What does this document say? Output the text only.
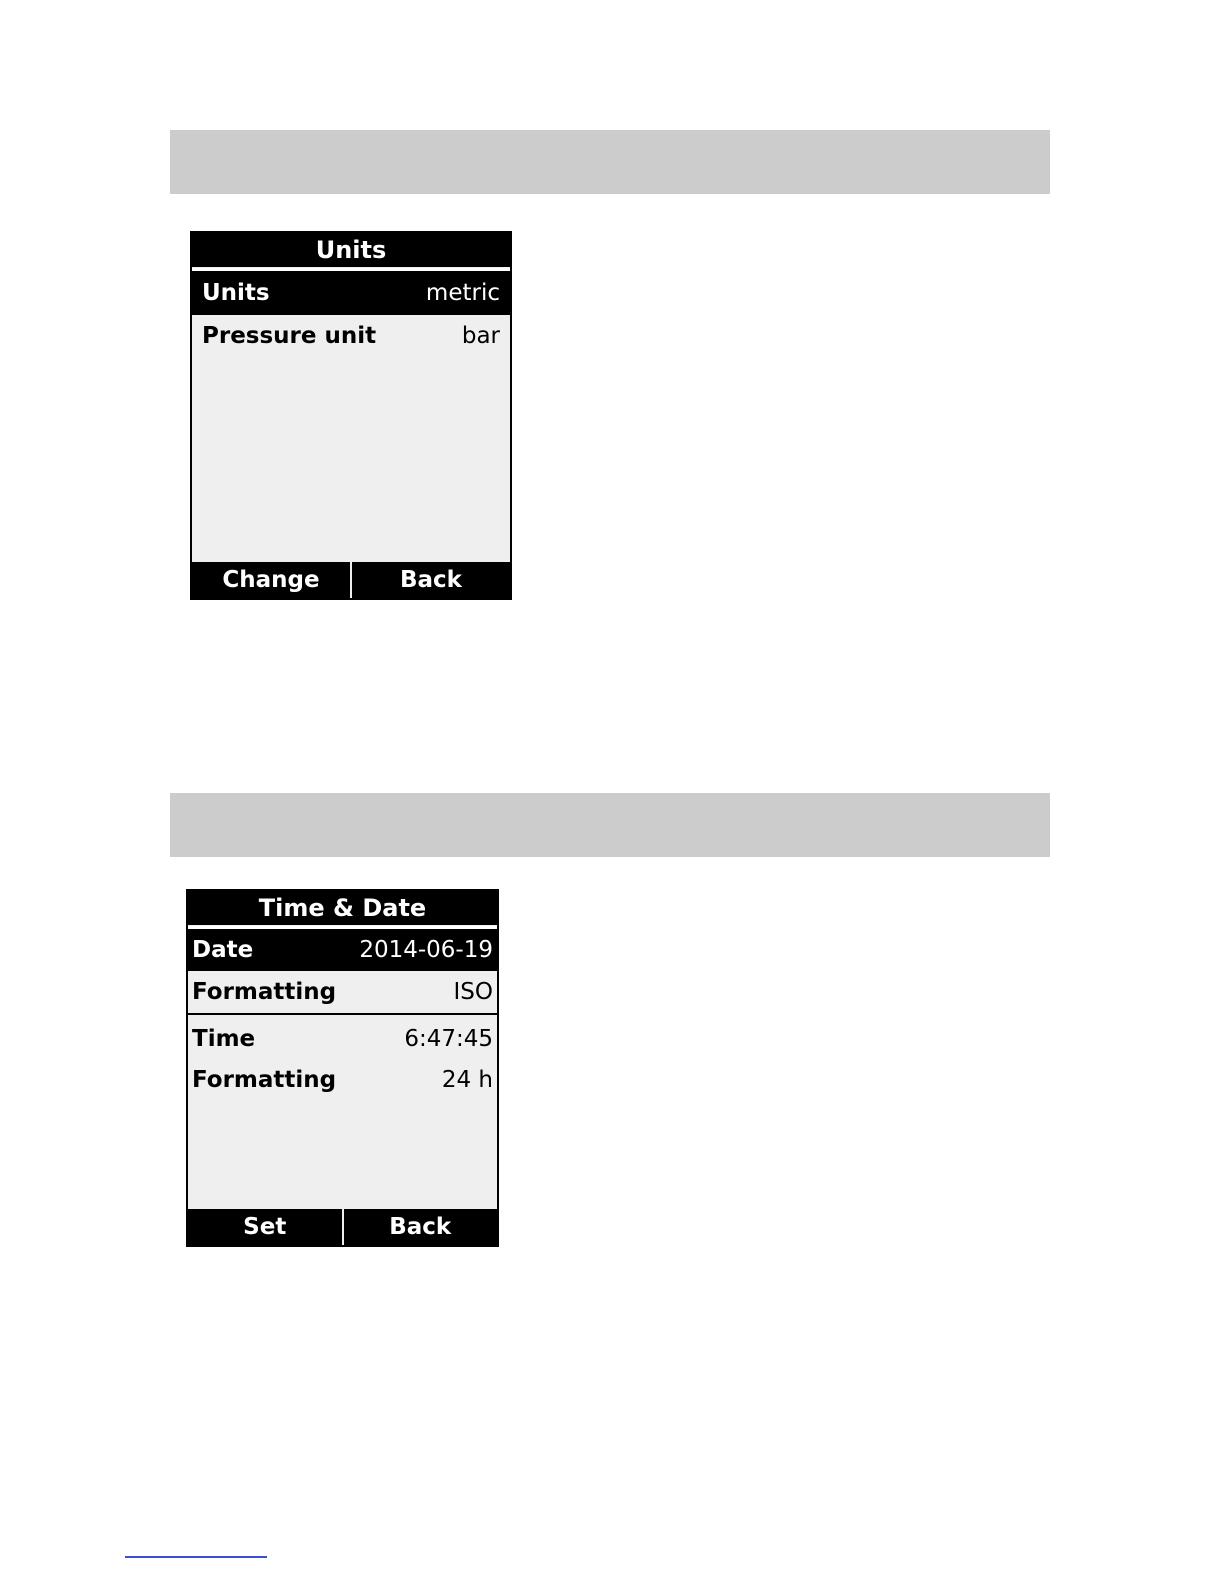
Units
Units	metric
Pressure unit	bar
Change	Back
Time & Date
Date	2014-06-19
Formatting	ISO
Time	6:47:45
Formatting	24 h
Set	Back
